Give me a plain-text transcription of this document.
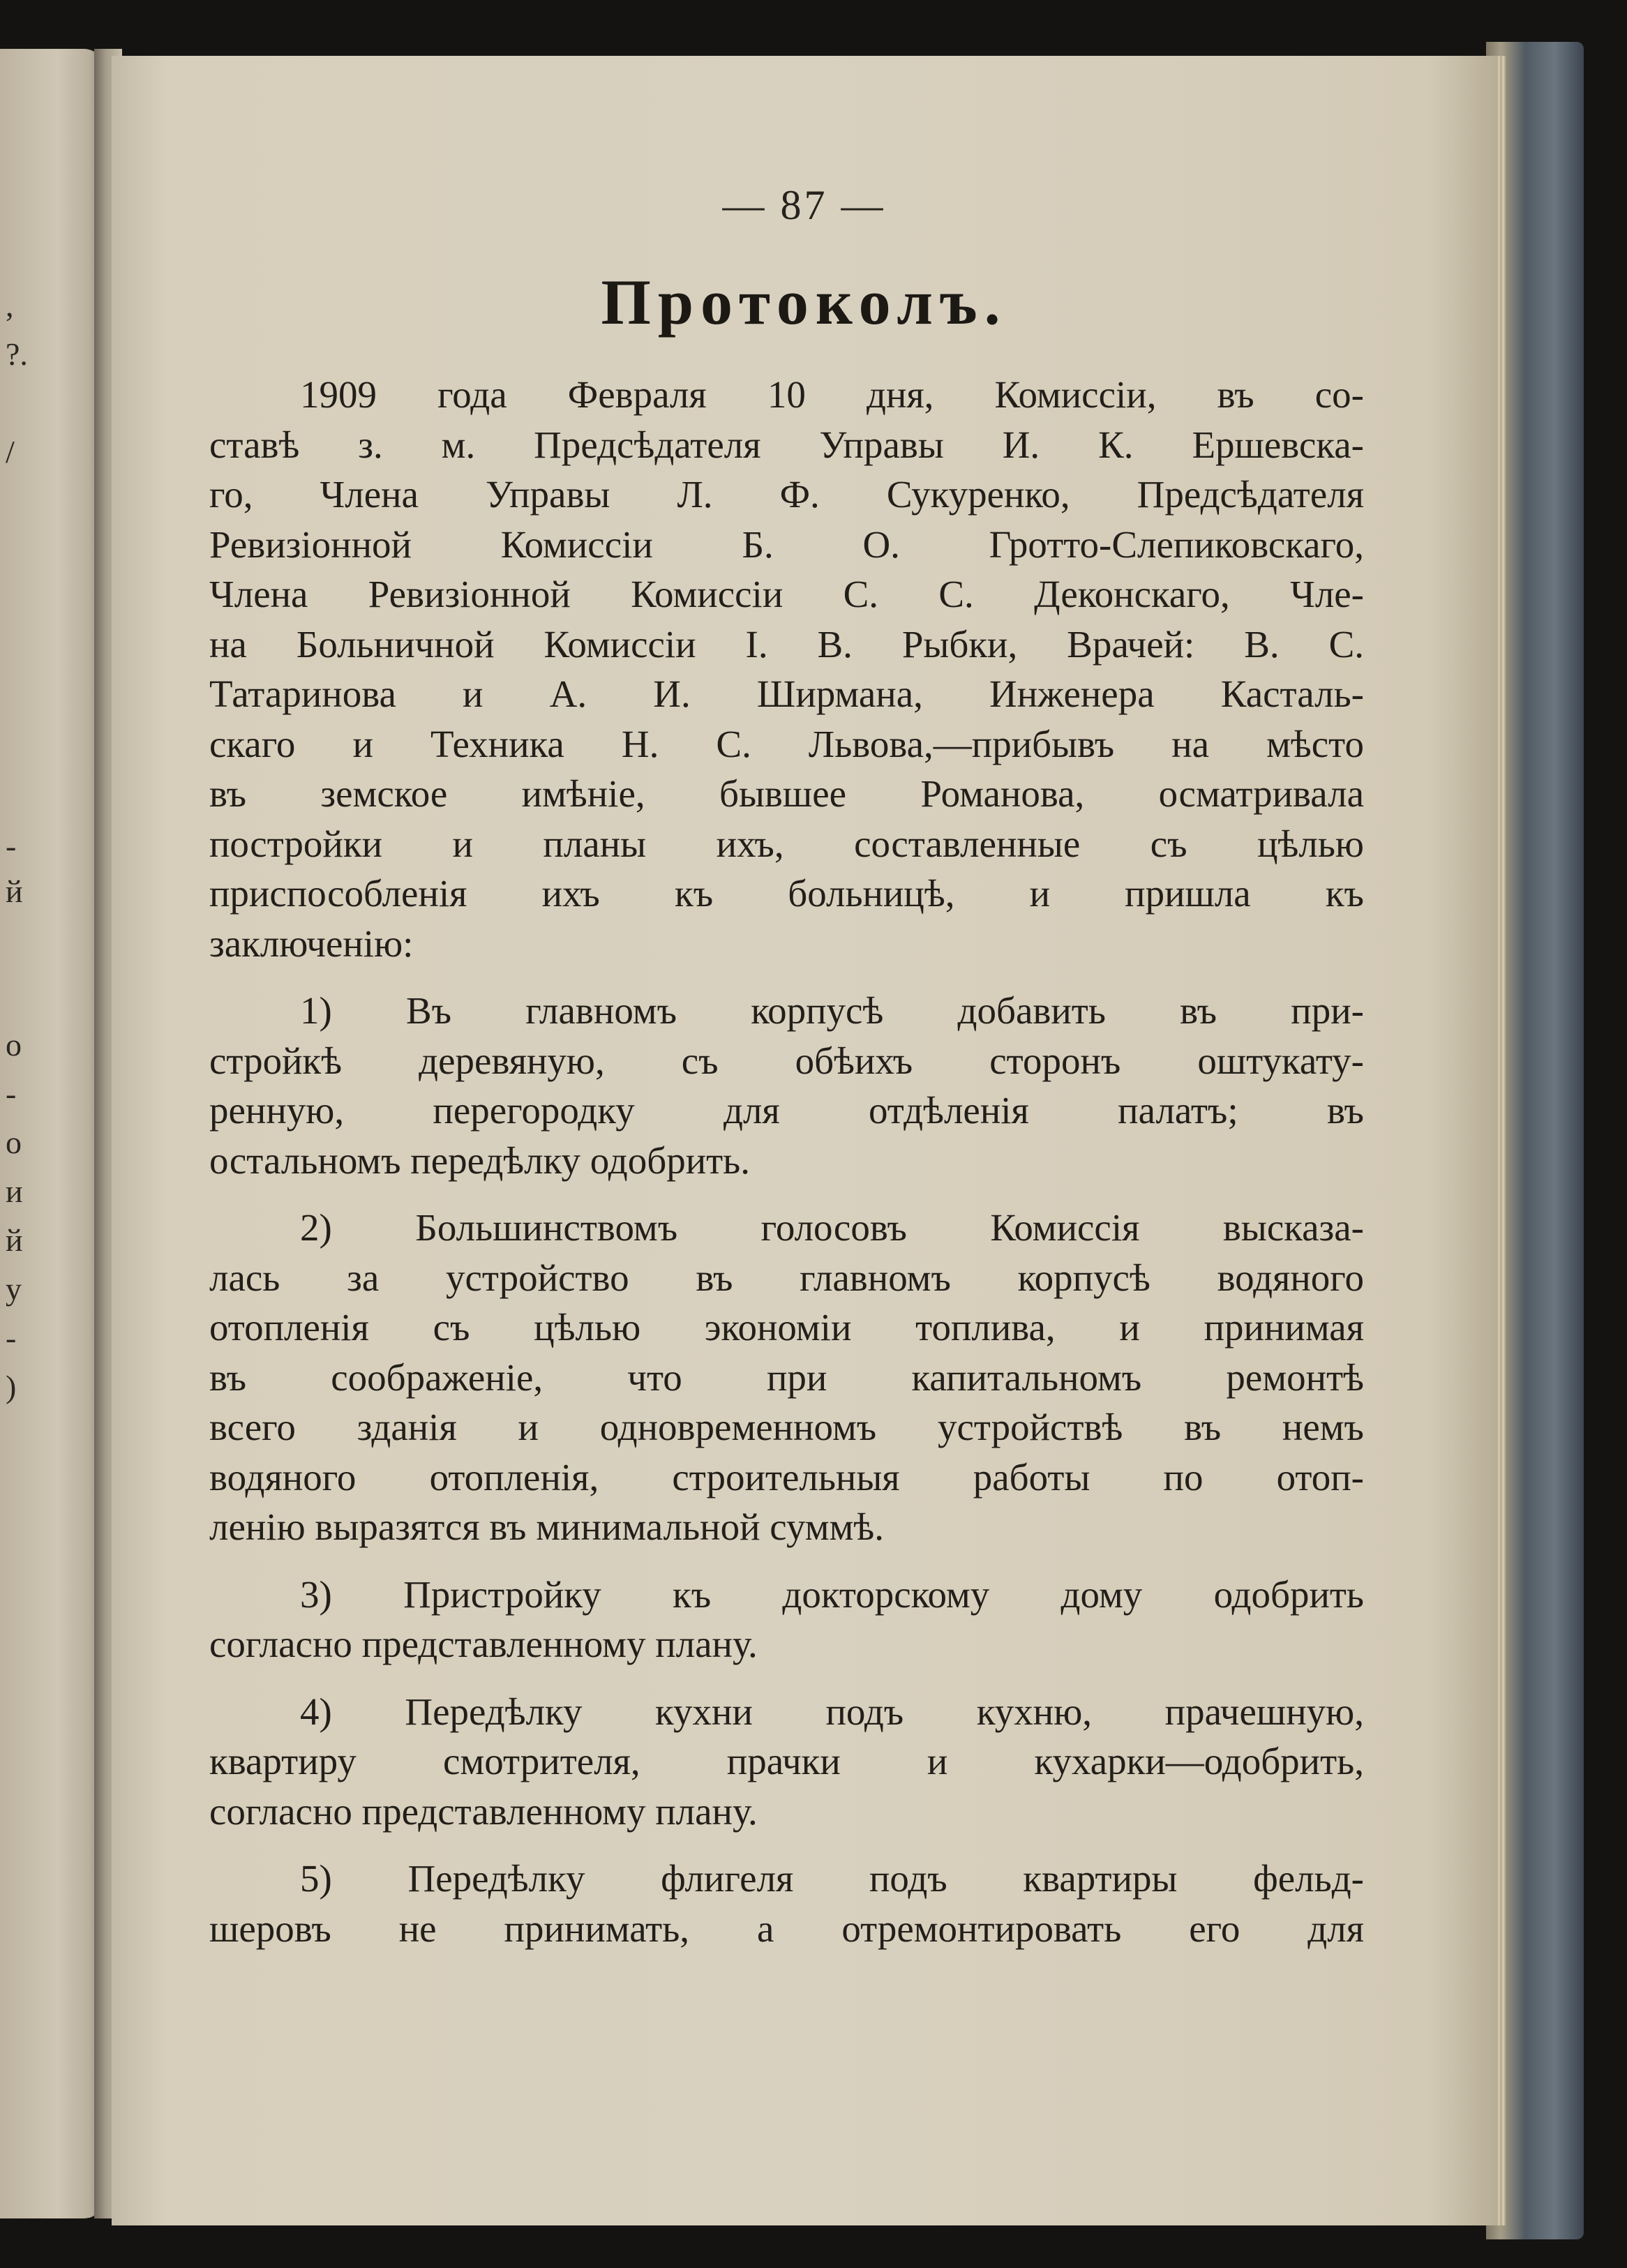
,
?.
/
-
й
о
-
о
и
й
у
-
)
— 87 —
Протоколъ.
1909 года Февраля 10 дня, Комиссіи, въ со-
ставѣ з. м. Предсѣдателя Управы И. К. Ершевска-
го, Члена Управы Л. Ф. Сукуренко, Предсѣдателя
Ревизіонной Комиссіи Б. О. Гротто-Слепиковскаго,
Члена Ревизіонной Комиссіи С. С. Деконскаго, Чле-
на Больничной Комиссіи I. В. Рыбки, Врачей: В. С.
Татаринова и А. И. Ширмана, Инженера Касталь-
скаго и Техника Н. С. Львова,—прибывъ на мѣсто
въ земское имѣніе, бывшее Романова, осматривала
постройки и планы ихъ, составленные съ цѣлью
приспособленія ихъ къ больницѣ, и пришла къ
заключенію:
1) Въ главномъ корпусѣ добавить въ при-
стройкѣ деревяную, съ обѣихъ сторонъ оштукату-
ренную, перегородку для отдѣленія палатъ; въ
остальномъ передѣлку одобрить.
2) Большинствомъ голосовъ Комиссія высказа-
лась за устройство въ главномъ корпусѣ водяного
отопленія съ цѣлью экономіи топлива, и принимая
въ соображеніе, что при капитальномъ ремонтѣ
всего зданія и одновременномъ устройствѣ въ немъ
водяного отопленія, строительныя работы по отоп-
ленію выразятся въ минимальной суммѣ.
3) Пристройку къ докторскому дому одобрить
согласно представленному плану.
4) Передѣлку кухни подъ кухню, прачешную,
квартиру смотрителя, прачки и кухарки—одобрить,
согласно представленному плану.
5) Передѣлку флигеля подъ квартиры фельд-
шеровъ не принимать, а отремонтировать его для
